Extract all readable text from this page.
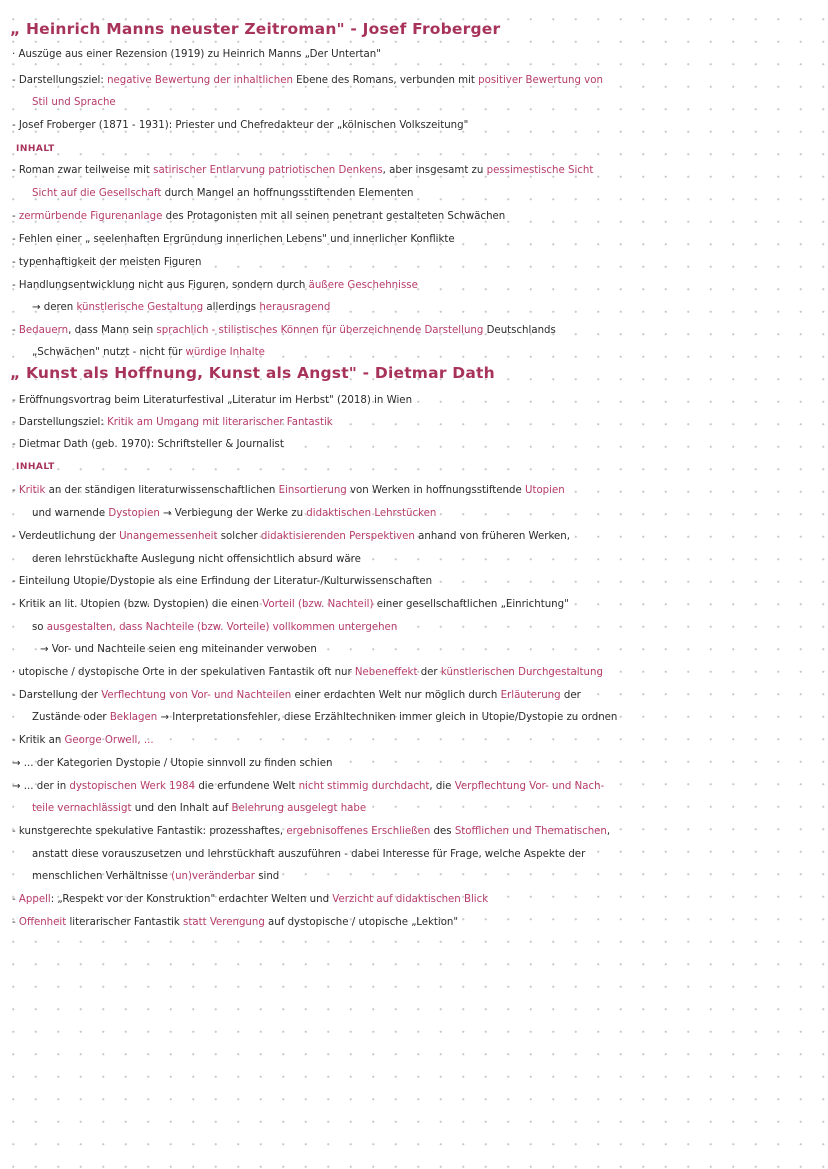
„ Heinrich Manns neuster Zeitroman" - Josef Froberger
· Auszüge aus einer Rezension (1919) zu Heinrich Manns „Der Untertan"
- Darstellungsziel: negative Bewertung der inhaltlichen Ebene des Romans, verbunden mit positiver Bewertung von
Stil und Sprache
- Josef Froberger (1871 - 1931): Priester und Chefredakteur der „kölnischen Volkszeitung"
INHALT
- Roman zwar teilweise mit satirischer Entlarvung patriotischen Denkens, aber insgesamt zu pessimestische Sicht
Sicht auf die Gesellschaft durch Mangel an hoffnungsstiftenden Elementen
- zermürbende Figurenanlage des Protagonisten mit all seinen penetrant gestalteten Schwächen
- Fehlen einer „ seelenhaften Ergründung innerlichen Lebens" und innerlicher Konflikte
- typenhaftigkeit der meisten Figuren
- Handlungsentwicklung nicht aus Figuren, sondern durch äußere Geschehnisse
→ deren künstlerische Gestaltung allerdings herausragend
- Bedauern, dass Mann sein sprachlich - stilistisches Können für überzeichnende Darstellung Deutschlands
„Schwächen" nutzt - nicht für würdige Inhalte
„ Kunst als Hoffnung, Kunst als Angst" - Dietmar Dath
- Eröffnungsvortrag beim Literaturfestival „Literatur im Herbst" (2018) in Wien
- Darstellungsziel: Kritik am Umgang mit literarischer Fantastik
- Dietmar Dath (geb. 1970): Schriftsteller & Journalist
INHALT
- Kritik an der ständigen literaturwissenschaftlichen Einsortierung von Werken in hoffnungsstiftende Utopien
und warnende Dystopien → Verbiegung der Werke zu didaktischen Lehrstücken
- Verdeutlichung der Unangemessenheit solcher didaktisierenden Perspektiven anhand von früheren Werken,
deren lehrstückhafte Auslegung nicht offensichtlich absurd wäre
- Einteilung Utopie/Dystopie als eine Erfindung der Literatur-/Kulturwissenschaften
- Kritik an lit. Utopien (bzw. Dystopien) die einen Vorteil (bzw. Nachteil) einer gesellschaftlichen „Einrichtung"
so ausgestalten, dass Nachteile (bzw. Vorteile) vollkommen untergehen
→ Vor- und Nachteile seien eng miteinander verwoben
· utopische / dystopische Orte in der spekulativen Fantastik oft nur Nebeneffekt der künstlerischen Durchgestaltung
- Darstellung der Verflechtung von Vor- und Nachteilen einer erdachten Welt nur möglich durch Erläuterung der
Zustände oder Beklagen → Interpretationsfehler, diese Erzähltechniken immer gleich in Utopie/Dystopie zu ordnen
- Kritik an George Orwell, ...
→ ... der Kategorien Dystopie / Utopie sinnvoll zu finden schien
→ ... der in dystopischen Werk 1984 die erfundene Welt nicht stimmig durchdacht, die Verpflechtung Vor- und Nach-
teile vernachlässigt und den Inhalt auf Belehrung ausgelegt habe
- kunstgerechte spekulative Fantastik: prozesshaftes, ergebnisoffenes Erschließen des Stofflichen und Thematischen,
anstatt diese vorauszusetzen und lehrstückhaft auszuführen - dabei Interesse für Frage, welche Aspekte der
menschlichen Verhältnisse (un)veränderbar sind
- Appell: „Respekt vor der Konstruktion" erdachter Welten und Verzicht auf didaktischen Blick
- Offenheit literarischer Fantastik statt Verengung auf dystopische / utopische „Lektion"
